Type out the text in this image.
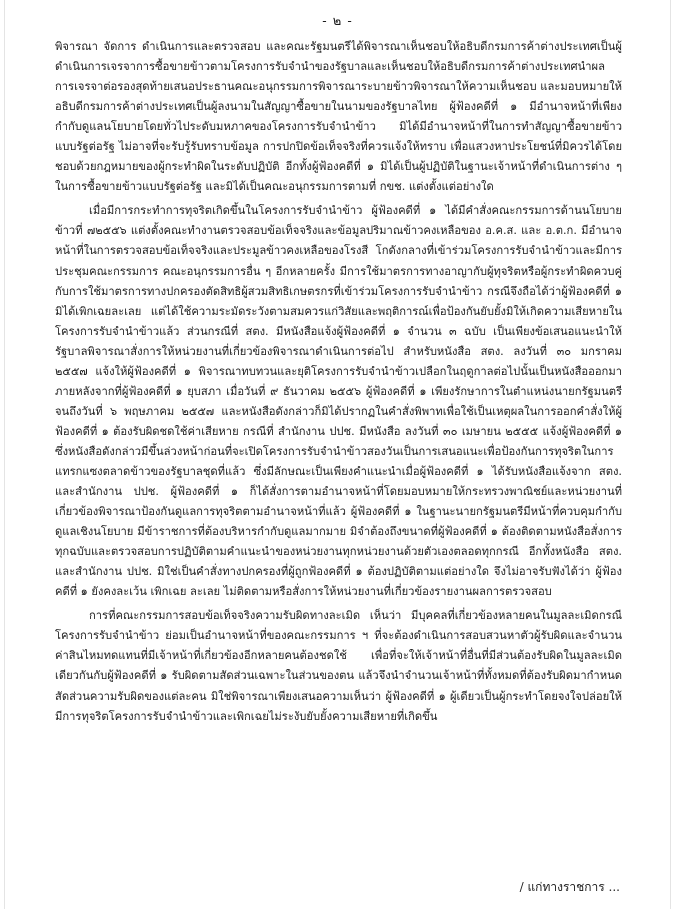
- ๒ -

พิจารณา จัดการ ดำเนินการและตรวจสอบ และคณะรัฐมนตรีได้พิจารณาเห็นชอบให้อธิบดีกรมการค้าต่างประเทศเป็นผู้ดำเนินการเจรจาการซื้อขายข้าวตามโครงการรับจำนำของรัฐบาลและเห็นชอบให้อธิบดีกรมการค้าต่างประเทศนำผลการเจรจาต่อรองสุดท้ายเสนอประธานคณะอนุกรรมการพิจารณาระบายข้าวพิจารณาให้ความเห็นชอบ และมอบหมายให้อธิบดีกรมการค้าต่างประเทศเป็นผู้ลงนามในสัญญาซื้อขายในนามของรัฐบาลไทย ผู้ฟ้องคดีที่ ๑ มีอำนาจหน้าที่เพียงกำกับดูแลนโยบายโดยทั่วไประดับมหภาคของโครงการรับจำนำข้าว มิได้มีอำนาจหน้าที่ในการทำสัญญาซื้อขายข้าวแบบรัฐต่อรัฐ ไม่อาจที่จะรับรู้รับทราบข้อมูล การปกปิดข้อเท็จจริงที่ควรแจ้งให้ทราบ เพื่อแสวงหาประโยชน์ที่มิควรได้โดยชอบด้วยกฎหมายของผู้กระทำผิดในระดับปฏิบัติ อีกทั้งผู้ฟ้องคดีที่ ๑ มิได้เป็นผู้ปฏิบัติในฐานะเจ้าหน้าที่ดำเนินการต่าง ๆ ในการซื้อขายข้าวแบบรัฐต่อรัฐ และมิได้เป็นคณะอนุกรรมการตามที่ กขช. แต่งตั้งแต่อย่างใด

เมื่อมีการกระทำการทุจริตเกิดขึ้นในโครงการรับจำนำข้าว ผู้ฟ้องคดีที่ ๑ ได้มีคำสั่งคณะกรรมการด้านนโยบายข้าวที่ ๗๒๕๕๖ แต่งตั้งคณะทำงานตรวจสอบข้อเท็จจริงและข้อมูลปริมาณข้าวคงเหลือของ อ.ค.ส. และ อ.ต.ก. มีอำนาจหน้าที่ในการตรวจสอบข้อเท็จจริงและประมูลข้าวคงเหลือของโรงสี โกดังกลางที่เข้าร่วมโครงการรับจำนำข้าวและมีการประชุมคณะกรรมการ คณะอนุกรรมการอื่น ๆ อีกหลายครั้ง มีการใช้มาตรการทางอาญากับผู้ทุจริตหรือผู้กระทำผิดควบคู่กับการใช้มาตรการทางปกครองตัดสิทธิผู้สวมสิทธิเกษตรกรที่เข้าร่วมโครงการรับจำนำข้าว กรณีจึงถือได้ว่าผู้ฟ้องคดีที่ ๑ มิได้เพิกเฉยละเลย แต่ได้ใช้ความระมัดระวังตามสมควรแก่วิสัยและพฤติการณ์เพื่อป้องกันยับยั้งมิให้เกิดความเสียหายในโครงการรับจำนำข้าวแล้ว ส่วนกรณีที่ สตง. มีหนังสือแจ้งผู้ฟ้องคดีที่ ๑ จำนวน ๓ ฉบับ เป็นเพียงข้อเสนอแนะนำให้รัฐบาลพิจารณาสั่งการให้หน่วยงานที่เกี่ยวข้องพิจารณาดำเนินการต่อไป สำหรับหนังสือ สตง. ลงวันที่ ๓๐ มกราคม ๒๕๕๗ แจ้งให้ผู้ฟ้องคดีที่ ๑ พิจารณาทบทวนและยุติโครงการรับจำนำข้าวเปลือกในฤดูกาลต่อไปนั้นเป็นหนังสือออกมาภายหลังจากที่ผู้ฟ้องคดีที่ ๑ ยุบสภา เมื่อวันที่ ๙ ธันวาคม ๒๕๕๖ ผู้ฟ้องคดีที่ ๑ เพียงรักษาการในตำแหน่งนายกรัฐมนตรีจนถึงวันที่ ๖ พฤษภาคม ๒๕๕๗ และหนังสือดังกล่าวก็มิได้ปรากฏในคำสั่งพิพาทเพื่อใช้เป็นเหตุผลในการออกคำสั่งให้ผู้ฟ้องคดีที่ ๑ ต้องรับผิดชดใช้ค่าเสียหาย กรณีที่ สำนักงาน ปปช. มีหนังสือ ลงวันที่ ๓๐ เมษายน ๒๕๕๕ แจ้งผู้ฟ้องคดีที่ ๑ ซึ่งหนังสือดังกล่าวมีขึ้นล่วงหน้าก่อนที่จะเปิดโครงการรับจำนำข้าวสองวันเป็นการเสนอแนะเพื่อป้องกันการทุจริตในการแทรกแซงตลาดข้าวของรัฐบาลชุดที่แล้ว ซึ่งมีลักษณะเป็นเพียงคำแนะนำเมื่อผู้ฟ้องคดีที่ ๑ ได้รับหนังสือแจ้งจาก สตง. และสำนักงาน ปปช. ผู้ฟ้องคดีที่ ๑ ก็ได้สั่งการตามอำนาจหน้าที่โดยมอบหมายให้กระทรวงพาณิชย์และหน่วยงานที่เกี่ยวข้องพิจารณาป้องกันดูแลการทุจริตตามอำนาจหน้าที่แล้ว ผู้ฟ้องคดีที่ ๑ ในฐานะนายกรัฐมนตรีมีหน้าที่ควบคุมกำกับดูแลเชิงนโยบาย มีข้าราชการที่ต้องบริหารกำกับดูแลมากมาย มิจำต้องถึงขนาดที่ผู้ฟ้องคดีที่ ๑ ต้องติดตามหนังสือสั่งการทุกฉบับและตรวจสอบการปฏิบัติตามคำแนะนำของหน่วยงานทุกหน่วยงานด้วยตัวเองตลอดทุกกรณี อีกทั้งหนังสือ สตง. และสำนักงาน ปปช. มิใช่เป็นคำสั่งทางปกครองที่ผู้ถูกฟ้องคดีที่ ๑ ต้องปฏิบัติตามแต่อย่างใด จึงไม่อาจรับฟังได้ว่า ผู้ฟ้องคดีที่ ๑ ยังคงละเว้น เพิกเฉย ละเลย ไม่ติดตามหรือสั่งการให้หน่วยงานที่เกี่ยวข้องรายงานผลการตรวจสอบ

การที่คณะกรรมการสอบข้อเท็จจริงความรับผิดทางละเมิด เห็นว่า มีบุคคลที่เกี่ยวข้องหลายคนในมูลละเมิดกรณีโครงการรับจำนำข้าว ย่อมเป็นอำนาจหน้าที่ของคณะกรรมการ ฯ ที่จะต้องดำเนินการสอบสวนหาตัวผู้รับผิดและจำนวนค่าสินไหมทดแทนที่มีเจ้าหน้าที่เกี่ยวข้องอีกหลายคนต้องชดใช้ เพื่อที่จะให้เจ้าหน้าที่อื่นที่มีส่วนต้องรับผิดในมูลละเมิดเดียวกันกับผู้ฟ้องคดีที่ ๑ รับผิดตามสัดส่วนเฉพาะในส่วนของตน แล้วจึงนำจำนวนเจ้าหน้าที่ทั้งหมดที่ต้องรับผิดมากำหนดสัดส่วนความรับผิดของแต่ละคน มิใช่พิจารณาเพียงเสนอความเห็นว่า ผู้ฟ้องคดีที่ ๑ ผู้เดียวเป็นผู้กระทำโดยจงใจปล่อยให้มีการทุจริตโครงการรับจำนำข้าวและเพิกเฉยไม่ระงับยับยั้งความเสียหายที่เกิดขึ้น

/ แก่ทางราชการ ...
